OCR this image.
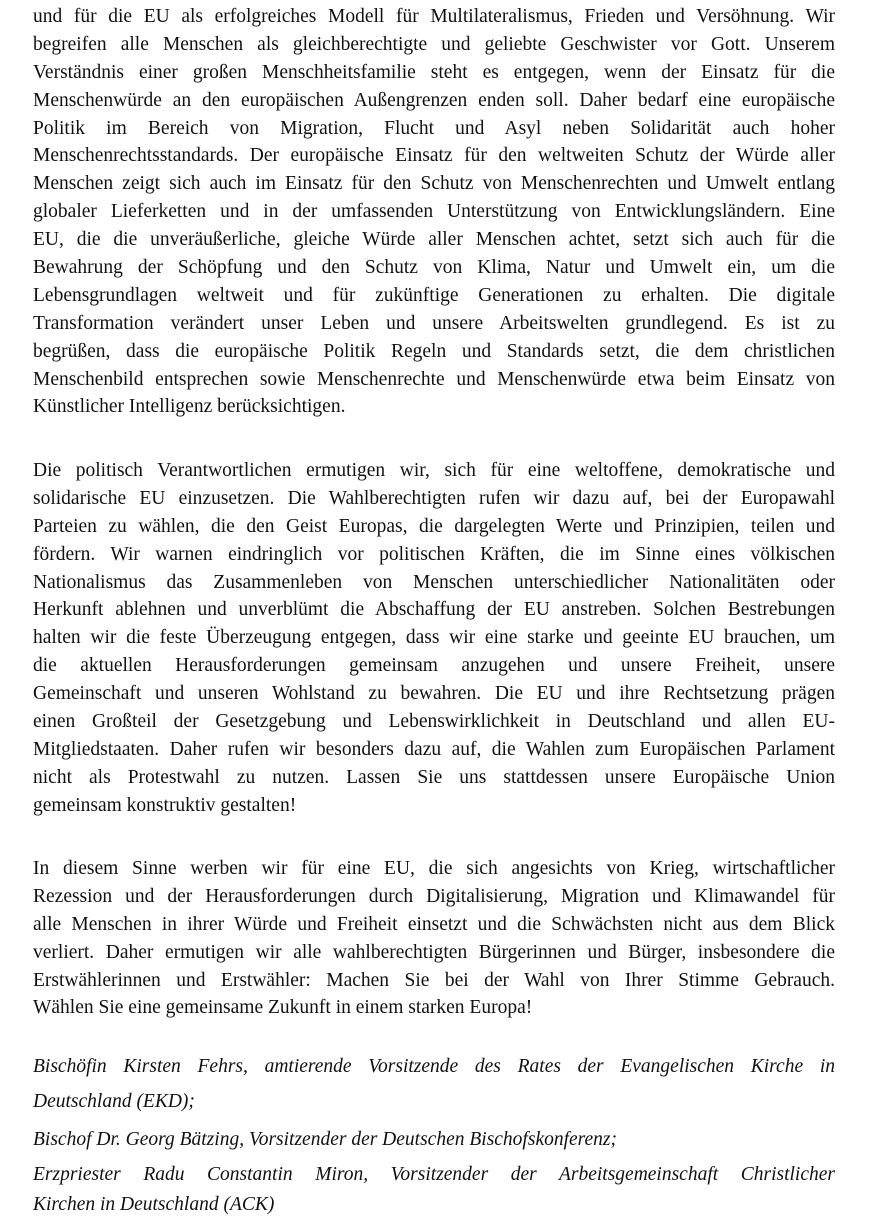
und für die EU als erfolgreiches Modell für Multilateralismus, Frieden und Versöhnung. Wir
begreifen alle Menschen als gleichberechtigte und geliebte Geschwister vor Gott. Unserem
Verständnis einer großen Menschheitsfamilie steht es entgegen, wenn der Einsatz für die
Menschenwürde an den europäischen Außengrenzen enden soll. Daher bedarf eine europäische
Politik im Bereich von Migration, Flucht und Asyl neben Solidarität auch hoher
Menschenrechtsstandards. Der europäische Einsatz für den weltweiten Schutz der Würde aller
Menschen zeigt sich auch im Einsatz für den Schutz von Menschenrechten und Umwelt entlang
globaler Lieferketten und in der umfassenden Unterstützung von Entwicklungsländern. Eine
EU, die die unveräußerliche, gleiche Würde aller Menschen achtet, setzt sich auch für die
Bewahrung der Schöpfung und den Schutz von Klima, Natur und Umwelt ein, um die
Lebensgrundlagen weltweit und für zukünftige Generationen zu erhalten. Die digitale
Transformation verändert unser Leben und unsere Arbeitswelten grundlegend. Es ist zu
begrüßen, dass die europäische Politik Regeln und Standards setzt, die dem christlichen
Menschenbild entsprechen sowie Menschenrechte und Menschenwürde etwa beim Einsatz von
Künstlicher Intelligenz berücksichtigen.
Die politisch Verantwortlichen ermutigen wir, sich für eine weltoffene, demokratische und
solidarische EU einzusetzen. Die Wahlberechtigten rufen wir dazu auf, bei der Europawahl
Parteien zu wählen, die den Geist Europas, die dargelegten Werte und Prinzipien, teilen und
fördern. Wir warnen eindringlich vor politischen Kräften, die im Sinne eines völkischen
Nationalismus das Zusammenleben von Menschen unterschiedlicher Nationalitäten oder
Herkunft ablehnen und unverblümt die Abschaffung der EU anstreben. Solchen Bestrebungen
halten wir die feste Überzeugung entgegen, dass wir eine starke und geeinte EU brauchen, um
die aktuellen Herausforderungen gemeinsam anzugehen und unsere Freiheit, unsere
Gemeinschaft und unseren Wohlstand zu bewahren. Die EU und ihre Rechtsetzung prägen
einen Großteil der Gesetzgebung und Lebenswirklichkeit in Deutschland und allen EU-
Mitgliedstaaten. Daher rufen wir besonders dazu auf, die Wahlen zum Europäischen Parlament
nicht als Protestwahl zu nutzen. Lassen Sie uns stattdessen unsere Europäische Union
gemeinsam konstruktiv gestalten!
In diesem Sinne werben wir für eine EU, die sich angesichts von Krieg, wirtschaftlicher
Rezession und der Herausforderungen durch Digitalisierung, Migration und Klimawandel für
alle Menschen in ihrer Würde und Freiheit einsetzt und die Schwächsten nicht aus dem Blick
verliert. Daher ermutigen wir alle wahlberechtigten Bürgerinnen und Bürger, insbesondere die
Erstwählerinnen und Erstwähler: Machen Sie bei der Wahl von Ihrer Stimme Gebrauch.
Wählen Sie eine gemeinsame Zukunft in einem starken Europa!
Bischöfin Kirsten Fehrs, amtierende Vorsitzende des Rates der Evangelischen Kirche in
Deutschland (EKD);
Bischof Dr. Georg Bätzing, Vorsitzender der Deutschen Bischofskonferenz;
Erzpriester Radu Constantin Miron, Vorsitzender der Arbeitsgemeinschaft Christlicher
Kirchen in Deutschland (ACK)
